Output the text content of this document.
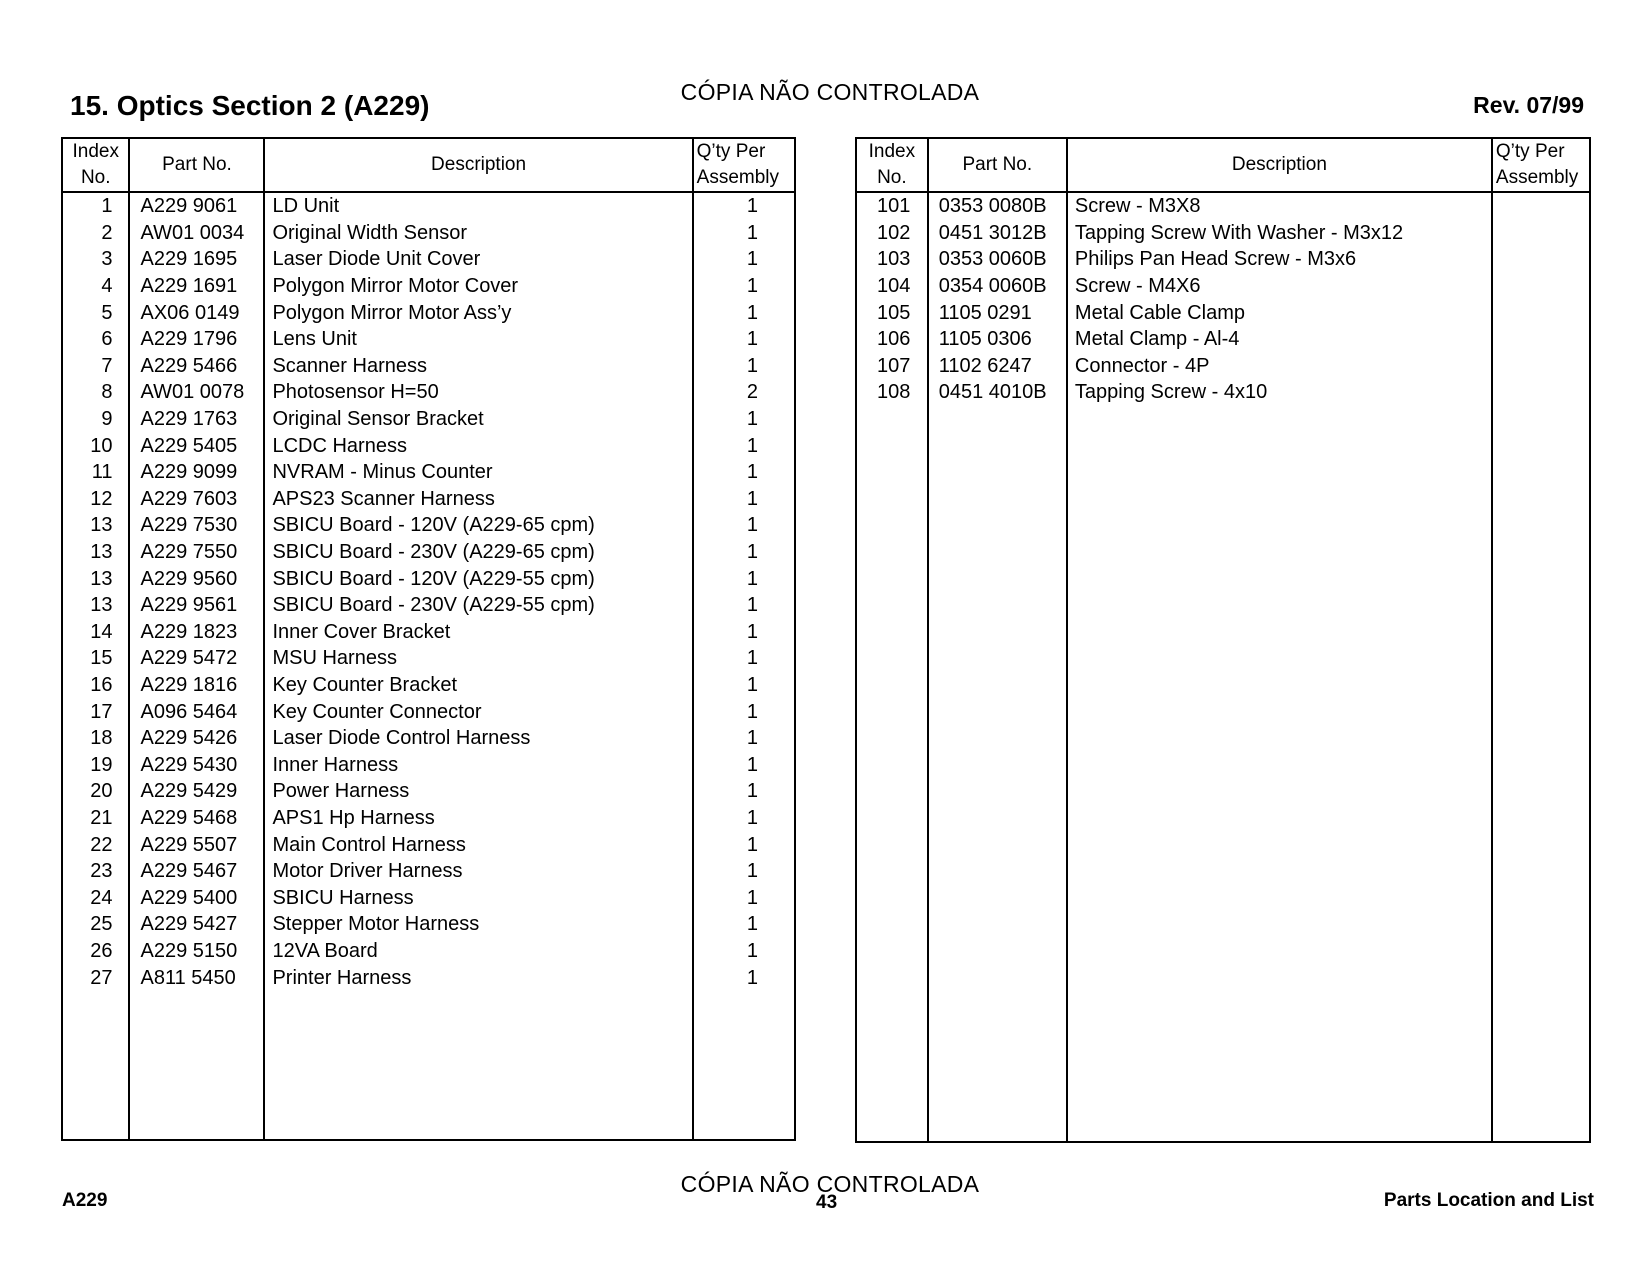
15. Optics Section 2 (A229)	CÓPIA NÃO CONTROLADA	Rev. 07/99
Index
No.	Part No.	Description	Q’ty Per
Assembly
1	A229 9061	LD Unit	1
2	AW01 0034	Original Width Sensor	1
3	A229 1695	Laser Diode Unit Cover	1
4	A229 1691	Polygon Mirror Motor Cover	1
5	AX06 0149	Polygon Mirror Motor Ass’y	1
6	A229 1796	Lens Unit	1
7	A229 5466	Scanner Harness	1
8	AW01 0078	Photosensor H=50	2
9	A229 1763	Original Sensor Bracket	1
10	A229 5405	LCDC Harness	1
11	A229 9099	NVRAM - Minus Counter	1
12	A229 7603	APS23 Scanner Harness	1
13	A229 7530	SBICU Board - 120V (A229-65 cpm)	1
13	A229 7550	SBICU Board - 230V (A229-65 cpm)	1
13	A229 9560	SBICU Board - 120V (A229-55 cpm)	1
13	A229 9561	SBICU Board - 230V (A229-55 cpm)	1
14	A229 1823	Inner Cover Bracket	1
15	A229 5472	MSU Harness	1
16	A229 1816	Key Counter Bracket	1
17	A096 5464	Key Counter Connector	1
18	A229 5426	Laser Diode Control Harness	1
19	A229 5430	Inner Harness	1
20	A229 5429	Power Harness	1
21	A229 5468	APS1 Hp Harness	1
22	A229 5507	Main Control Harness	1
23	A229 5467	Motor Driver Harness	1
24	A229 5400	SBICU Harness	1
25	A229 5427	Stepper Motor Harness	1
26	A229 5150	12VA Board	1
27	A811 5450	Printer Harness	1

Index
No.	Part No.	Description	Q’ty Per
Assembly
101	0353 0080B	Screw - M3X8	
102	0451 3012B	Tapping Screw With Washer - M3x12	
103	0353 0060B	Philips Pan Head Screw - M3x6	
104	0354 0060B	Screw - M4X6	
105	1105 0291	Metal Cable Clamp	
106	1105 0306	Metal Clamp - Al-4	
107	1102 6247	Connector - 4P	
108	0451 4010B	Tapping Screw - 4x10	

CÓPIA NÃO CONTROLADA
A229	43	Parts Location and List
